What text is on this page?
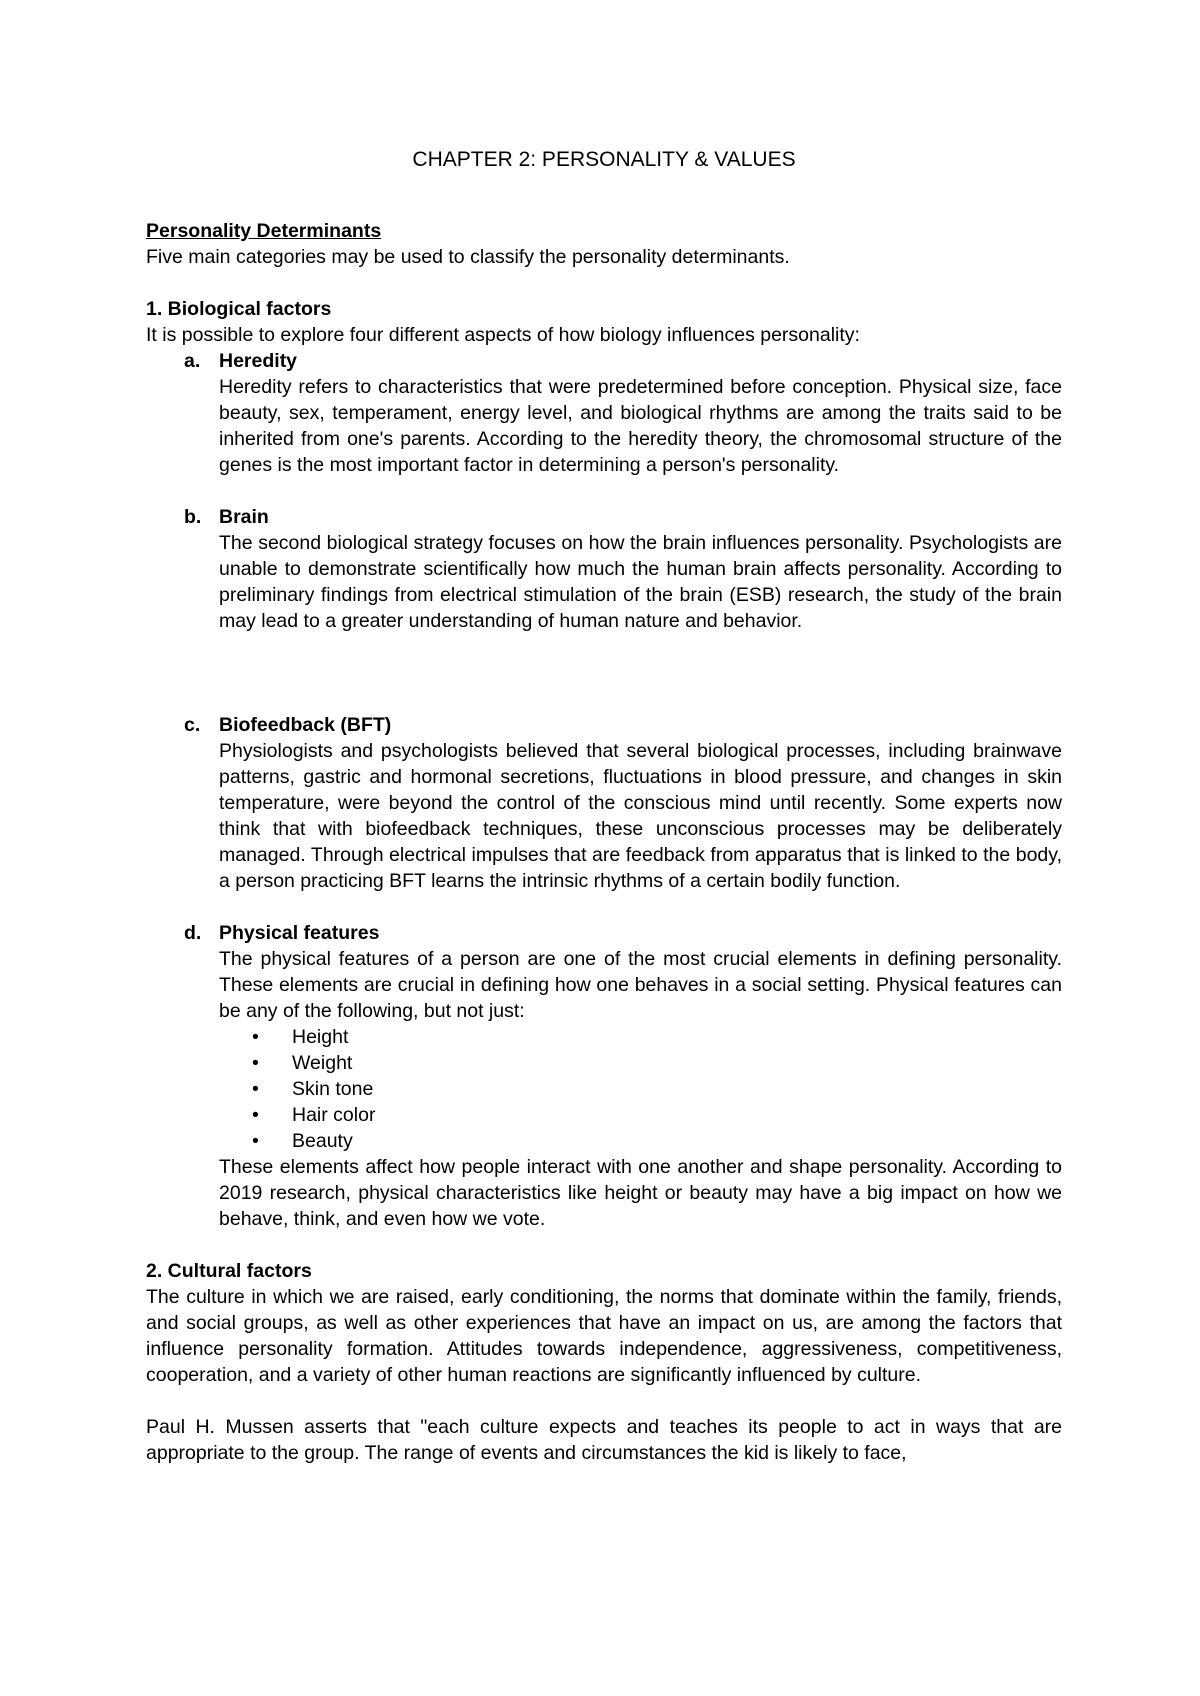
CHAPTER 2: PERSONALITY & VALUES

Personality Determinants

Five main categories may be used to classify the personality determinants.

1. Biological factors

It is possible to explore four different aspects of how biology influences personality:

a. Heredity

Heredity refers to characteristics that were predetermined before conception. Physical size, face beauty, sex, temperament, energy level, and biological rhythms are among the traits said to be inherited from one's parents. According to the heredity theory, the chromosomal structure of the genes is the most important factor in determining a person's personality.

b. Brain

The second biological strategy focuses on how the brain influences personality. Psychologists are unable to demonstrate scientifically how much the human brain affects personality. According to preliminary findings from electrical stimulation of the brain (ESB) research, the study of the brain may lead to a greater understanding of human nature and behavior.

c. Biofeedback (BFT)

Physiologists and psychologists believed that several biological processes, including brainwave patterns, gastric and hormonal secretions, fluctuations in blood pressure, and changes in skin temperature, were beyond the control of the conscious mind until recently. Some experts now think that with biofeedback techniques, these unconscious processes may be deliberately managed. Through electrical impulses that are feedback from apparatus that is linked to the body, a person practicing BFT learns the intrinsic rhythms of a certain bodily function.

d. Physical features

The physical features of a person are one of the most crucial elements in defining personality. These elements are crucial in defining how one behaves in a social setting. Physical features can be any of the following, but not just:

• Height
• Weight
• Skin tone
• Hair color
• Beauty

These elements affect how people interact with one another and shape personality. According to 2019 research, physical characteristics like height or beauty may have a big impact on how we behave, think, and even how we vote.

2. Cultural factors

The culture in which we are raised, early conditioning, the norms that dominate within the family, friends, and social groups, as well as other experiences that have an impact on us, are among the factors that influence personality formation. Attitudes towards independence, aggressiveness, competitiveness, cooperation, and a variety of other human reactions are significantly influenced by culture.

Paul H. Mussen asserts that "each culture expects and teaches its people to act in ways that are appropriate to the group. The range of events and circumstances the kid is likely to face,
